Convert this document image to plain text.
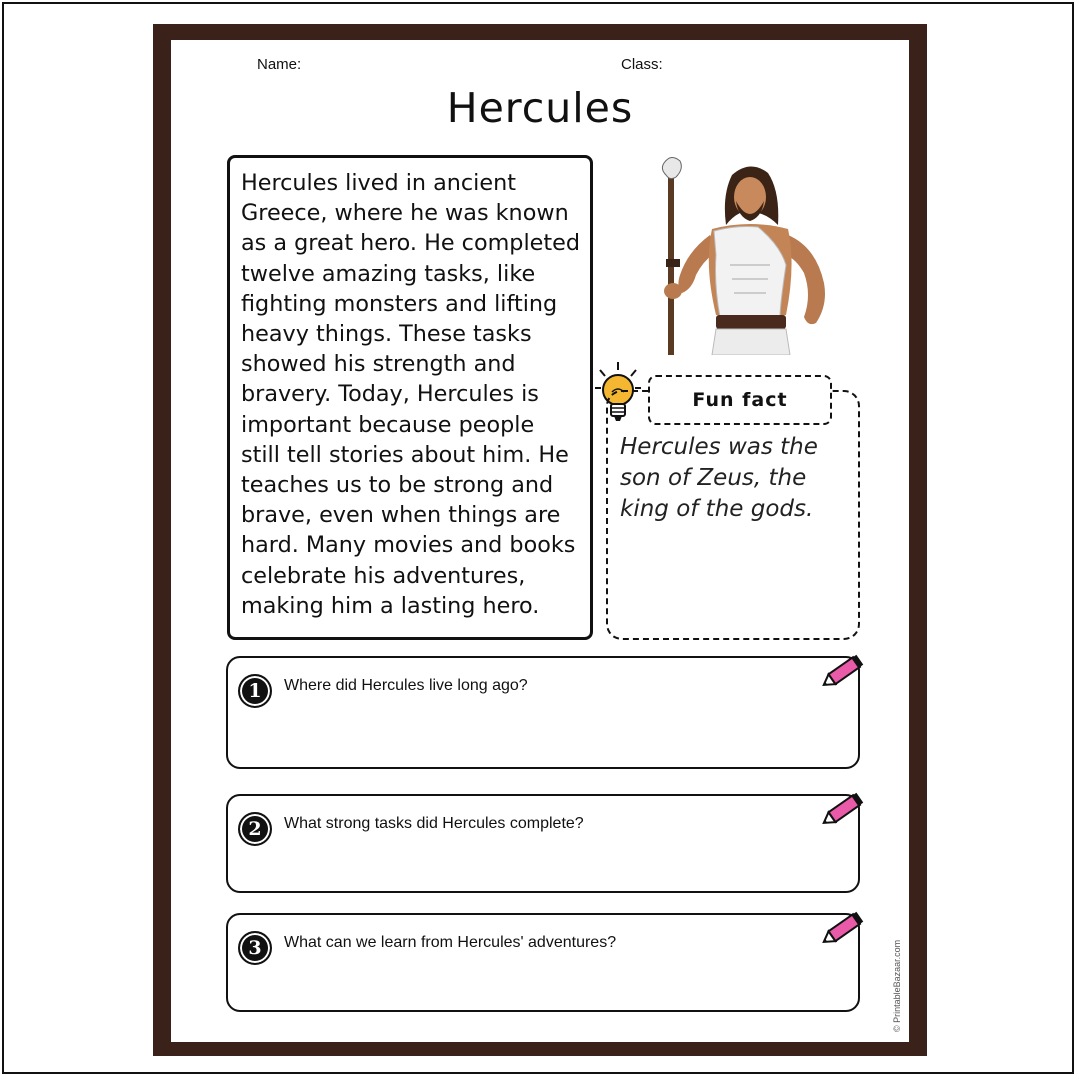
Name:	Class:
Hercules

Hercules lived in ancient Greece, where he was known as a great hero. He completed twelve amazing tasks, like fighting monsters and lifting heavy things. These tasks showed his strength and bravery. Today, Hercules is important because people still tell stories about him. He teaches us to be strong and brave, even when things are hard. Many movies and books celebrate his adventures, making him a lasting hero.

Fun fact
Hercules was the son of Zeus, the king of the gods.
1	Where did Hercules live long ago?
2	What strong tasks did Hercules complete?
3	What can we learn from Hercules' adventures?	© PrintableBazaar.com
